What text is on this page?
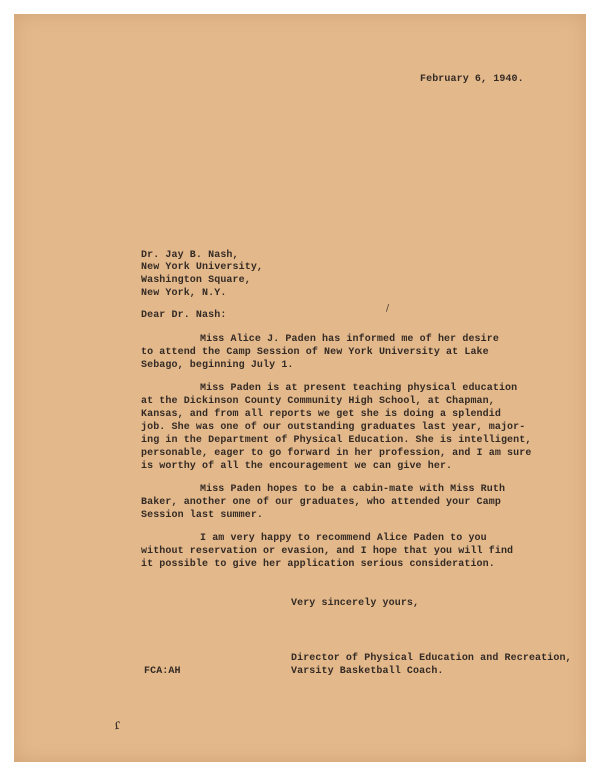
February 6, 1940.
Dr. Jay B. Nash,
New York University,
Washington Square,
New York, N.Y.
Dear Dr. Nash:
/
Miss Alice J. Paden has informed me of her desire
to attend the Camp Session of New York University at Lake
Sebago, beginning July 1.
Miss Paden is at present teaching physical education
at the Dickinson County Community High School, at Chapman,
Kansas, and from all reports we get she is doing a splendid
job. She was one of our outstanding graduates last year, major-
ing in the Department of Physical Education. She is intelligent,
personable, eager to go forward in her profession, and I am sure
is worthy of all the encouragement we can give her.
Miss Paden hopes to be a cabin-mate with Miss Ruth
Baker, another one of our graduates, who attended your Camp
Session last summer.
I am very happy to recommend Alice Paden to you
without reservation or evasion, and I hope that you will find
it possible to give her application serious consideration.
Very sincerely yours,
Director of Physical Education and Recreation,
Varsity Basketball Coach.
FCA:AH
ɾ
